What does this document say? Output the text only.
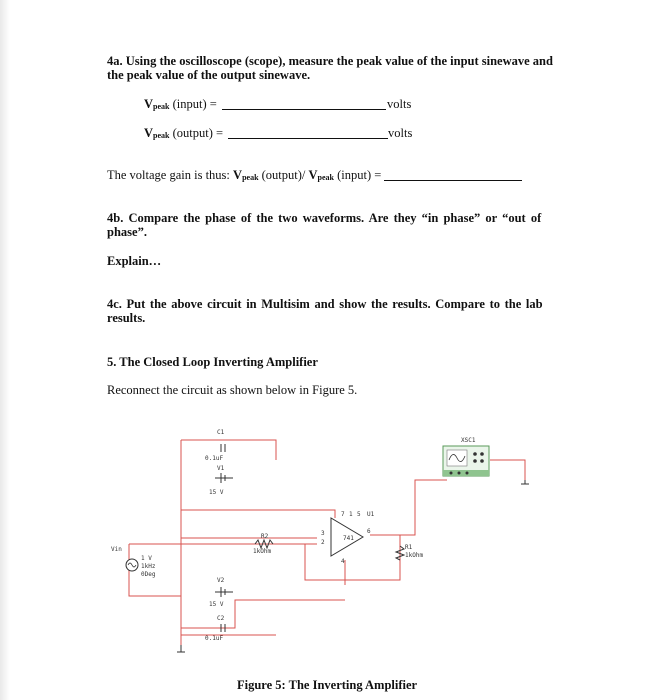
4a. Using the oscilloscope (scope), measure the peak value of the input sinewave and
the peak value of the output sinewave.
$V_{peak}$ (input) =	volts
$V_{peak}$ (output) =	volts
The voltage gain is thus: $V_{peak}$ (output)/ $V_{peak}$ (input) =
4b. Compare the phase of the two waveforms. Are they “in phase” or “out of
phase”.
Explain…
4c. Put the above circuit in Multisim and show the results. Compare to the lab
results.
5. The Closed Loop Inverting Amplifier
Reconnect the circuit as shown below in Figure 5.
C1
0.1uF
V1
15 V
Vin
1 V
1kHz
0Deg
R2
1kOhm
741
U1
7 1 5
3
2
4
6
R1
1kOhm
V2
15 V
C2
0.1uF
XSC1
Figure 5: The Inverting Amplifier
